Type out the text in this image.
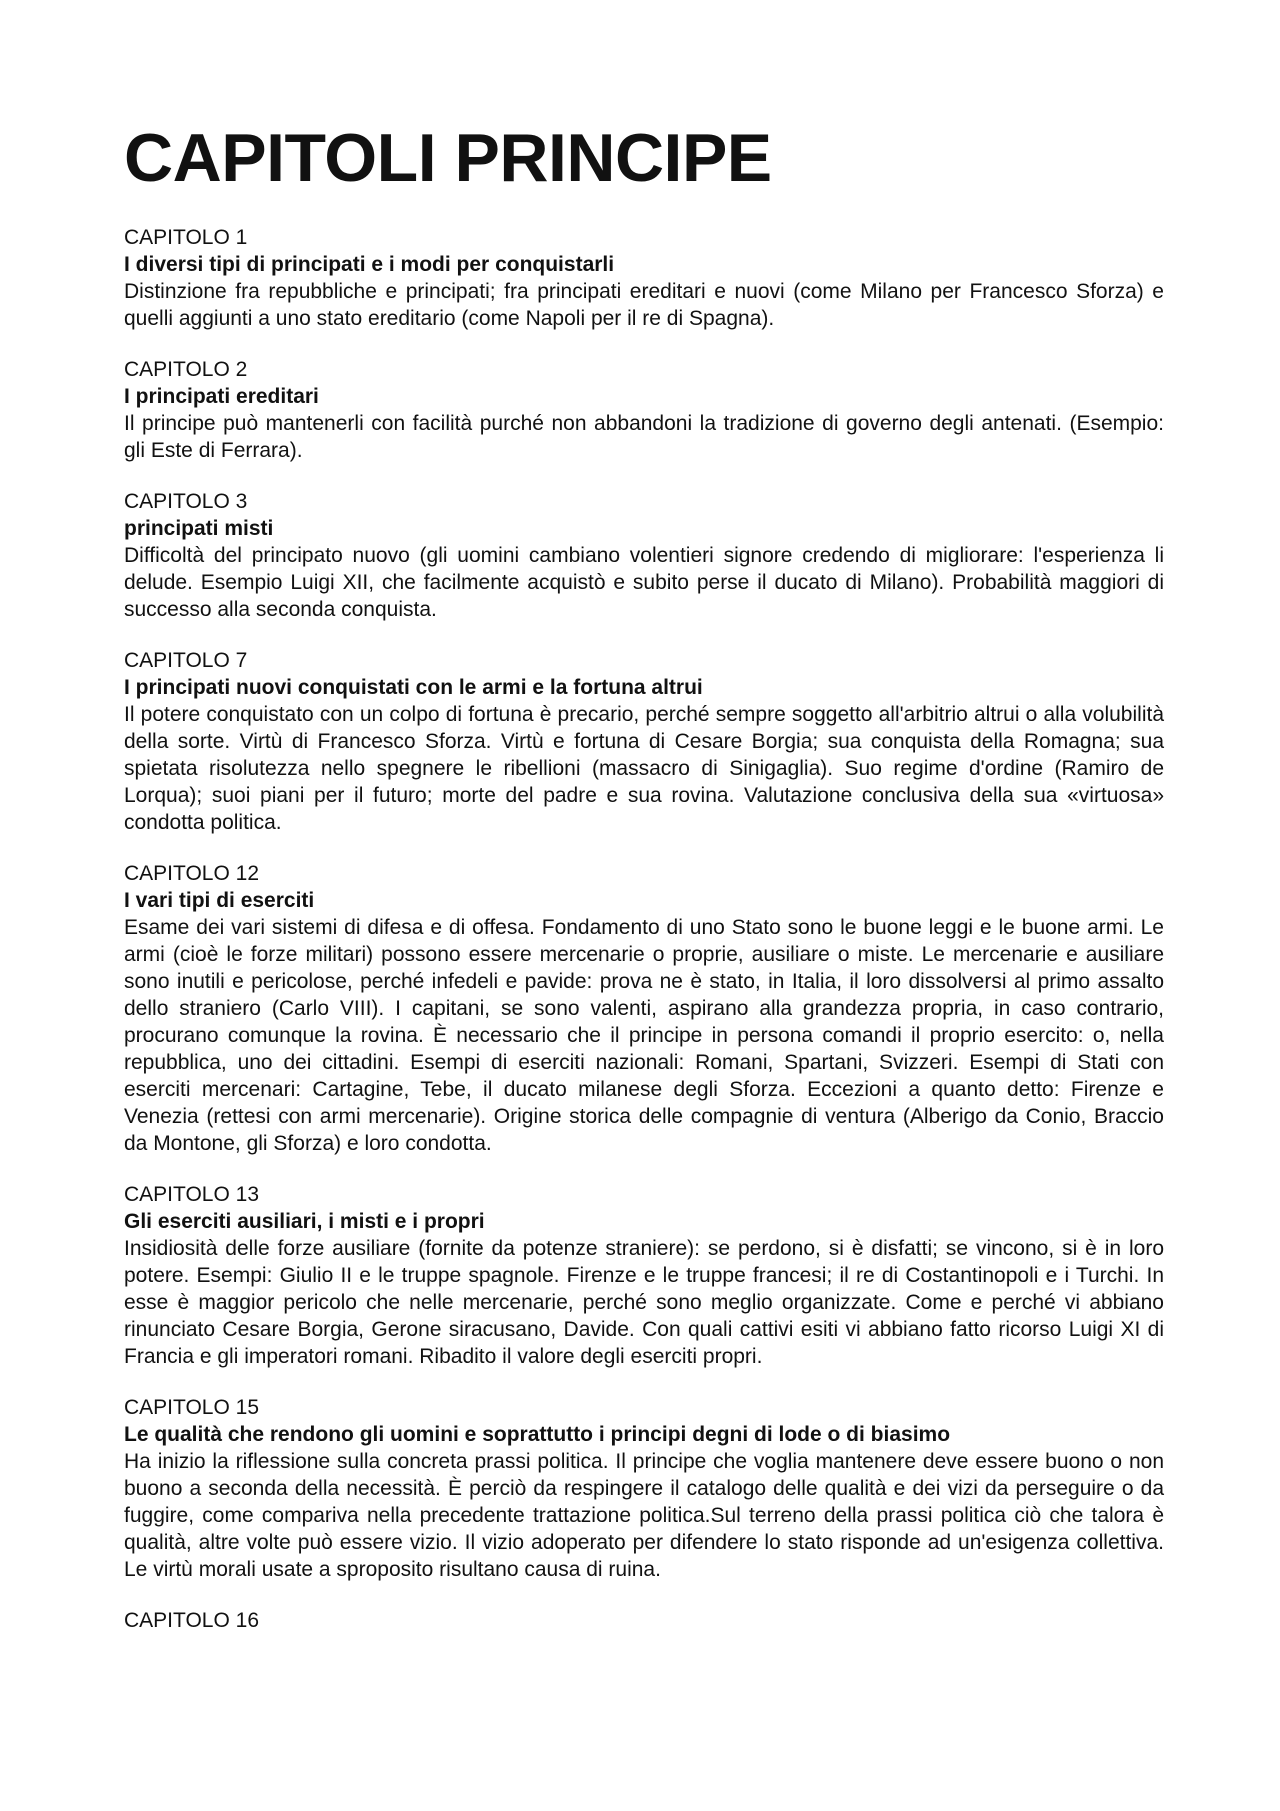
CAPITOLI PRINCIPE
CAPITOLO 1
I diversi tipi di principati e i modi per conquistarli

Distinzione fra repubbliche e principati; fra principati ereditari e nuovi (come Milano per Francesco Sforza) e quelli aggiunti a uno stato ereditario (come Napoli per il re di Spagna).

CAPITOLO 2
I principati ereditari

Il principe può mantenerli con facilità purché non abbandoni la tradizione di governo degli antenati. (Esempio: gli Este di Ferrara).

CAPITOLO 3
principati misti

Difficoltà del principato nuovo (gli uomini cambiano volentieri signore credendo di migliorare: l'esperienza li delude. Esempio Luigi XII, che facilmente acquistò e subito perse il ducato di Milano). Probabilità maggiori di successo alla seconda conquista.

CAPITOLO 7
I principati nuovi conquistati con le armi e la fortuna altrui

Il potere conquistato con un colpo di fortuna è precario, perché sempre soggetto all'arbitrio altrui o alla volubilità della sorte. Virtù di Francesco Sforza. Virtù e fortuna di Cesare Borgia; sua conquista della Romagna; sua spietata risolutezza nello spegnere le ribellioni (massacro di Sinigaglia). Suo regime d'ordine (Ramiro de Lorqua); suoi piani per il futuro; morte del padre e sua rovina. Valutazione conclusiva della sua «virtuosa» condotta politica.

CAPITOLO 12
I vari tipi di eserciti

Esame dei vari sistemi di difesa e di offesa. Fondamento di uno Stato sono le buone leggi e le buone armi. Le armi (cioè le forze militari) possono essere mercenarie o proprie, ausiliare o miste. Le mercenarie e ausiliare sono inutili e pericolose, perché infedeli e pavide: prova ne è stato, in Italia, il loro dissolversi al primo assalto dello straniero (Carlo VIII). I capitani, se sono valenti, aspirano alla grandezza propria, in caso contrario, procurano comunque la rovina. È necessario che il principe in persona comandi il proprio esercito: o, nella repubblica, uno dei cittadini. Esempi di eserciti nazionali: Romani, Spartani, Svizzeri. Esempi di Stati con eserciti mercenari: Cartagine, Tebe, il ducato milanese degli Sforza. Eccezioni a quanto detto: Firenze e Venezia (rettesi con armi mercenarie). Origine storica delle compagnie di ventura (Alberigo da Conio, Braccio da Montone, gli Sforza) e loro condotta.

CAPITOLO 13
Gli eserciti ausiliari, i misti e i propri

Insidiosità delle forze ausiliare (fornite da potenze straniere): se perdono, si è disfatti; se vincono, si è in loro potere. Esempi: Giulio II e le truppe spagnole. Firenze e le truppe francesi; il re di Costantinopoli e i Turchi. In esse è maggior pericolo che nelle mercenarie, perché sono meglio organizzate. Come e perché vi abbiano rinunciato Cesare Borgia, Gerone siracusano, Davide. Con quali cattivi esiti vi abbiano fatto ricorso Luigi XI di Francia e gli imperatori romani. Ribadito il valore degli eserciti propri.

CAPITOLO 15
Le qualità che rendono gli uomini e soprattutto i principi degni di lode o di biasimo

Ha inizio la riflessione sulla concreta prassi politica. Il principe che voglia mantenere deve essere buono o non buono a seconda della necessità. È perciò da respingere il catalogo delle qualità e dei vizi da perseguire o da fuggire, come compariva nella precedente trattazione politica.Sul terreno della prassi politica ciò che talora è qualità, altre volte può essere vizio. Il vizio adoperato per difendere lo stato risponde ad un'esigenza collettiva. Le virtù morali usate a sproposito risultano causa di ruina.

CAPITOLO 16
